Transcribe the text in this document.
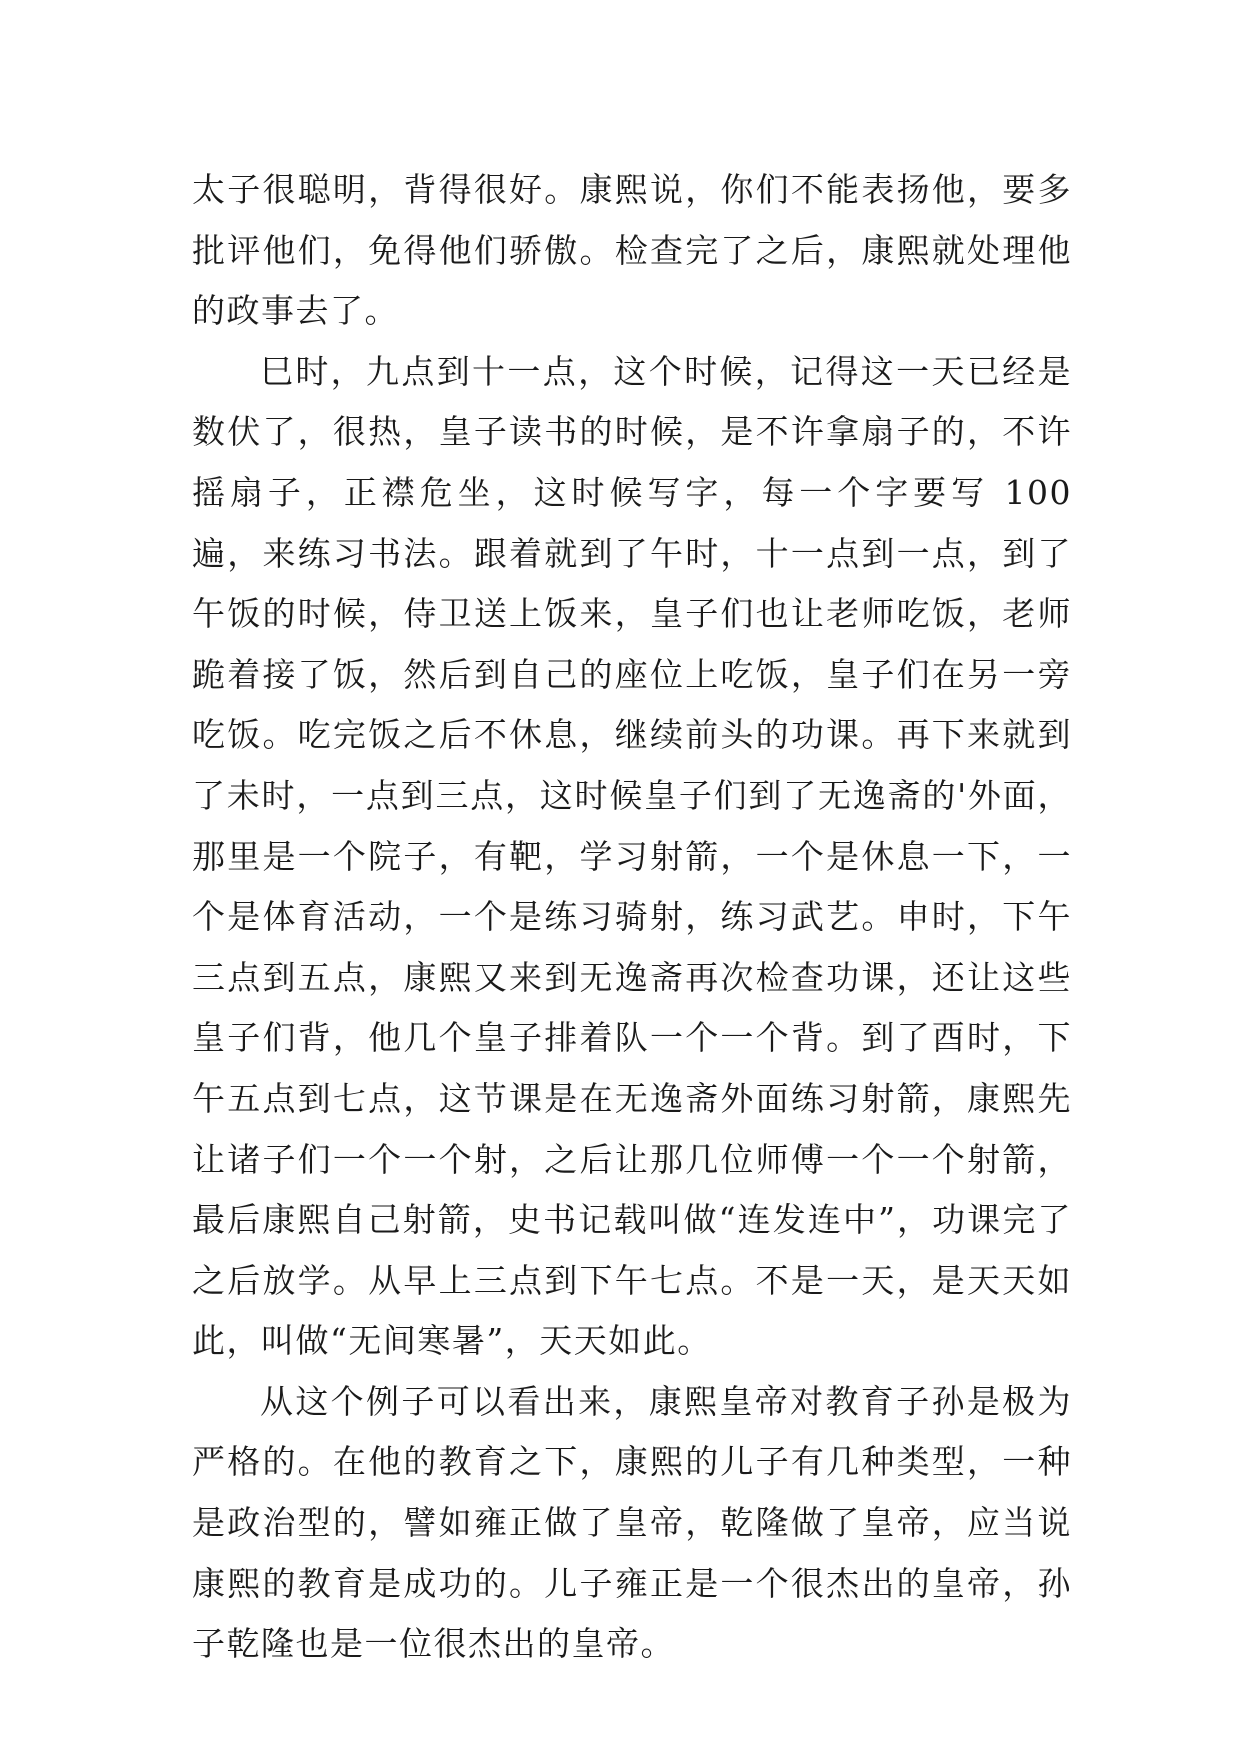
太子很聪明，背得很好。康熙说，你们不能表扬他，要多批评他们，免得他们骄傲。检查完了之后，康熙就处理他的政事去了。

巳时，九点到十一点，这个时候，记得这一天已经是数伏了，很热，皇子读书的时候，是不许拿扇子的，不许摇扇子，正襟危坐，这时候写字，每一个字要写 100 遍，来练习书法。跟着就到了午时，十一点到一点，到了午饭的时候，侍卫送上饭来，皇子们也让老师吃饭，老师跪着接了饭，然后到自己的座位上吃饭，皇子们在另一旁吃饭。吃完饭之后不休息，继续前头的功课。再下来就到了未时，一点到三点，这时候皇子们到了无逸斋的'外面，那里是一个院子，有靶，学习射箭，一个是休息一下，一个是体育活动，一个是练习骑射，练习武艺。申时，下午三点到五点，康熙又来到无逸斋再次检查功课，还让这些皇子们背，他几个皇子排着队一个一个背。到了酉时，下午五点到七点，这节课是在无逸斋外面练习射箭，康熙先让诸子们一个一个射，之后让那几位师傅一个一个射箭，最后康熙自己射箭，史书记载叫做“连发连中”，功课完了之后放学。从早上三点到下午七点。不是一天，是天天如此，叫做“无间寒暑”，天天如此。

从这个例子可以看出来，康熙皇帝对教育子孙是极为严格的。在他的教育之下，康熙的儿子有几种类型，一种是政治型的，譬如雍正做了皇帝，乾隆做了皇帝，应当说康熙的教育是成功的。儿子雍正是一个很杰出的皇帝，孙子乾隆也是一位很杰出的皇帝。
